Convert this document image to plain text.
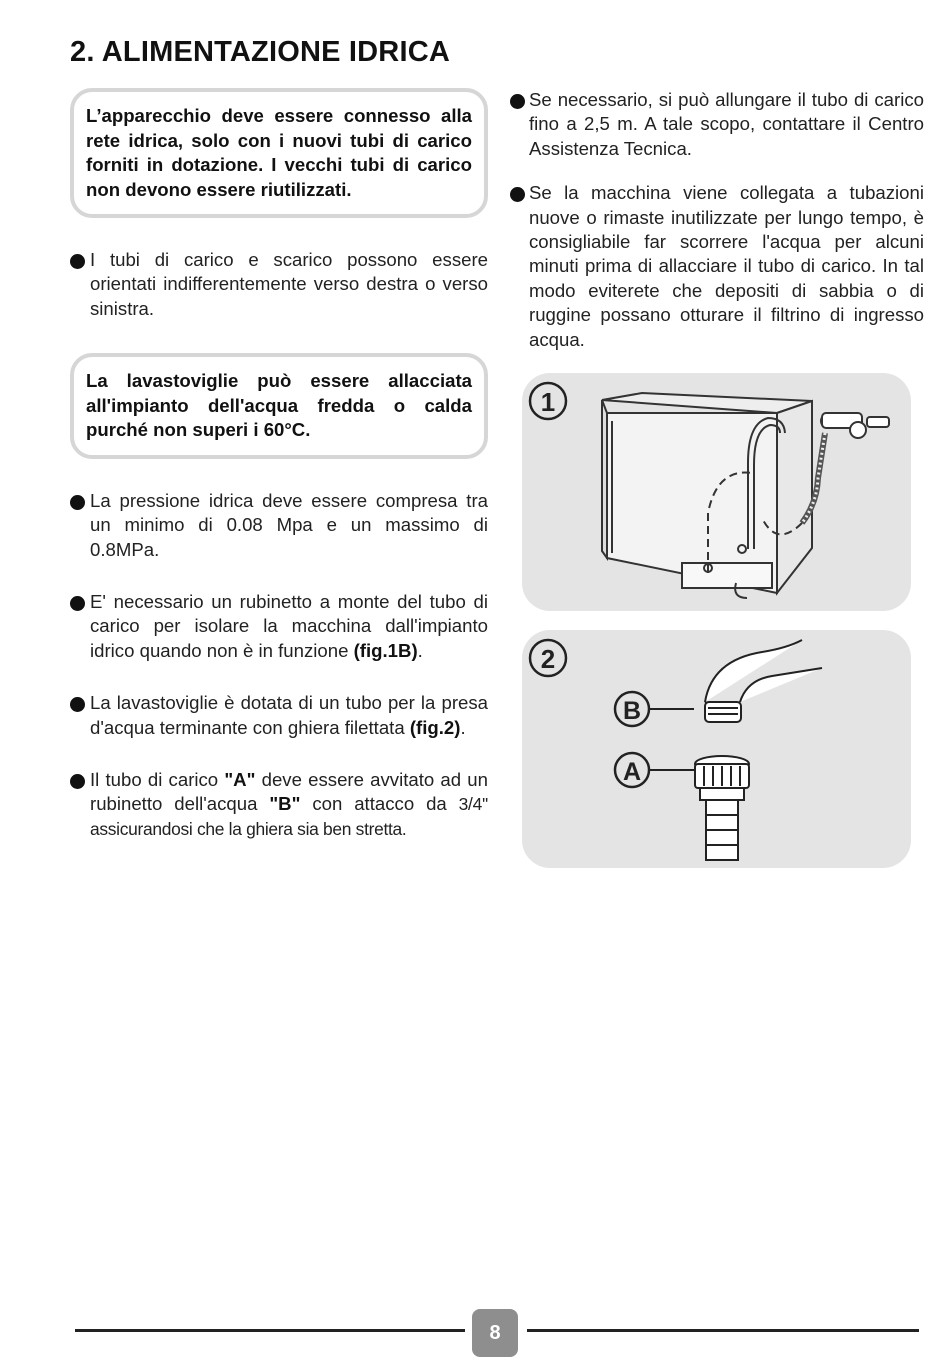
2. ALIMENTAZIONE IDRICA
L’apparecchio deve essere connesso alla rete idrica, solo con i nuovi tubi di carico forniti in dotazione. I vecchi tubi di carico non devono essere riutilizzati.
I tubi di carico e scarico possono essere orientati indifferentemente verso destra o verso sinistra.
La lavastoviglie può essere allacciata all'impianto dell'acqua fredda o calda purché non superi i 60°C.
La pressione idrica deve essere compresa tra un minimo di 0.08 Mpa e un massimo di 0.8MPa.
E' necessario un rubinetto a monte del tubo di carico per isolare la macchina dall'impianto idrico quando non è in funzione (fig.1B).
La lavastoviglie è dotata di un tubo per la presa d'acqua terminante con ghiera filettata (fig.2).
Il tubo di carico "A" deve essere avvitato ad un rubinetto dell'acqua "B" con attacco da 3/4'' assicurandosi che la ghiera sia ben stretta.
Se necessario, si può allungare il tubo di carico fino a 2,5 m. A tale scopo, contattare il Centro Assistenza Tecnica.
Se la macchina viene collegata a tubazioni nuove o rimaste inutilizzate per lungo tempo, è consigliabile far scorrere l'acqua per alcuni minuti prima di allacciare il tubo di carico. In tal modo eviterete che depositi di sabbia o di ruggine possano otturare il filtrino di ingresso acqua.
1
2
B
A
8
